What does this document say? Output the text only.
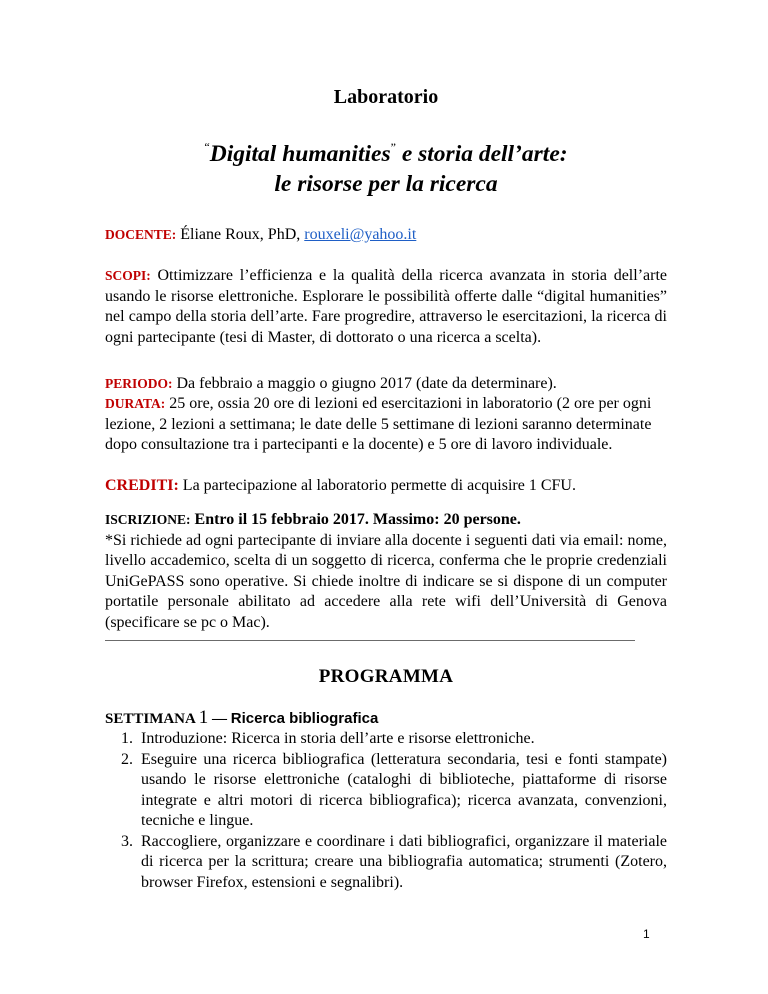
Laboratorio
“Digital humanities” e storia dell’arte:
le risorse per la ricerca
DOCENTE: Éliane Roux, PhD, rouxeli@yahoo.it
SCOPI: Ottimizzare l’efficienza e la qualità della ricerca avanzata in storia dell’arte usando le risorse elettroniche. Esplorare le possibilità offerte dalle “digital humanities” nel campo della storia dell’arte. Fare progredire, attraverso le esercitazioni, la ricerca di ogni partecipante (tesi di Master, di dottorato o una ricerca a scelta).
PERIODO: Da febbraio a maggio o giugno 2017 (date da determinare).
DURATA: 25 ore, ossia 20 ore di lezioni ed esercitazioni in laboratorio (2 ore per ogni lezione, 2 lezioni a settimana; le date delle 5 settimane di lezioni saranno determinate dopo consultazione tra i partecipanti e la docente) e 5 ore di lavoro individuale.
CREDITI: La partecipazione al laboratorio permette di acquisire 1 CFU.
ISCRIZIONE: Entro il 15 febbraio 2017. Massimo: 20 persone.
*Si richiede ad ogni partecipante di inviare alla docente i seguenti dati via email: nome, livello accademico, scelta di un soggetto di ricerca, conferma che le proprie credenziali UniGePASS sono operative. Si chiede inoltre di indicare se si dispone di un computer portatile personale abilitato ad accedere alla rete wifi dell’Università di Genova (specificare se pc o Mac).
PROGRAMMA
SETTIMANA 1 — Ricerca bibliografica
1. Introduzione: Ricerca in storia dell’arte e risorse elettroniche.
2. Eseguire una ricerca bibliografica (letteratura secondaria, tesi e fonti stampate) usando le risorse elettroniche (cataloghi di biblioteche, piattaforme di risorse integrate e altri motori di ricerca bibliografica); ricerca avanzata, convenzioni, tecniche e lingue.
3. Raccogliere, organizzare e coordinare i dati bibliografici, organizzare il materiale di ricerca per la scrittura; creare una bibliografia automatica; strumenti (Zotero, browser Firefox, estensioni e segnalibri).
1
